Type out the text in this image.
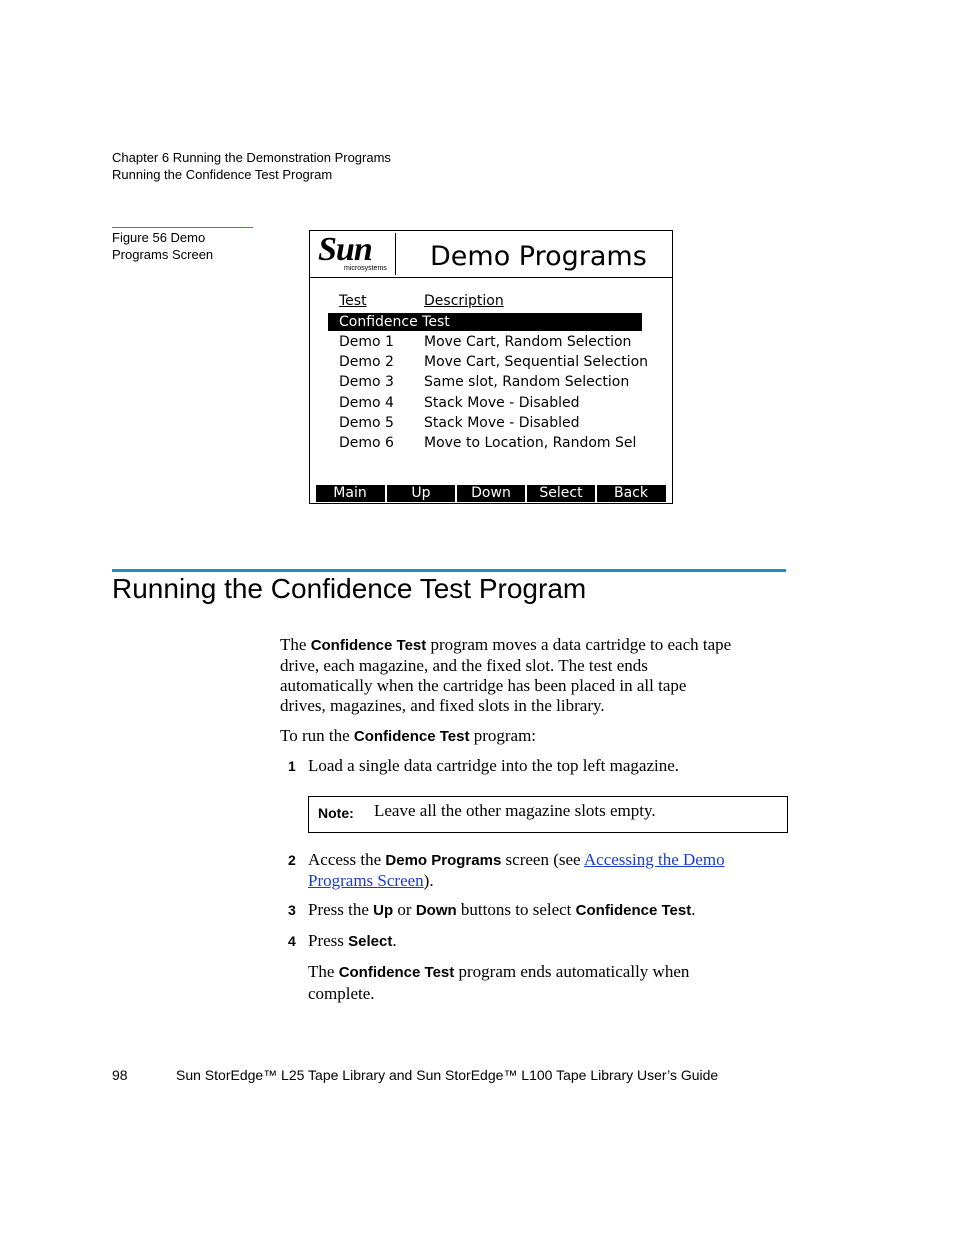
Chapter 6 Running the Demonstration Programs
Running the Confidence Test Program
Figure 56 Demo
Programs Screen	Sun
microsystems Demo Programs
Test	Description
Confidence Test
Demo 1 Move Cart, Random Selection
Demo 2 Move Cart, Sequential Selection
Demo 3 Same slot, Random Selection
Demo 4 Stack Move - Disabled
Demo 5 Stack Move - Disabled
Demo 6 Move to Location, Random Sel
Main	Up	Down	Select	Back
Running the Confidence Test Program
The Confidence Test program moves a data cartridge to each tape
drive, each magazine, and the fixed slot. The test ends
automatically when the cartridge has been placed in all tape
drives, magazines, and fixed slots in the library.
To run the Confidence Test program:
1 Load a single data cartridge into the top left magazine.
Note: Leave all the other magazine slots empty.
2 Access the Demo Programs screen (see Accessing the Demo
Programs Screen).
3 Press the Up or Down buttons to select Confidence Test.
4 Press Select.
The Confidence Test program ends automatically when
complete.
98	Sun StorEdge™ L25 Tape Library and Sun StorEdge™ L100 Tape Library User’s Guide
